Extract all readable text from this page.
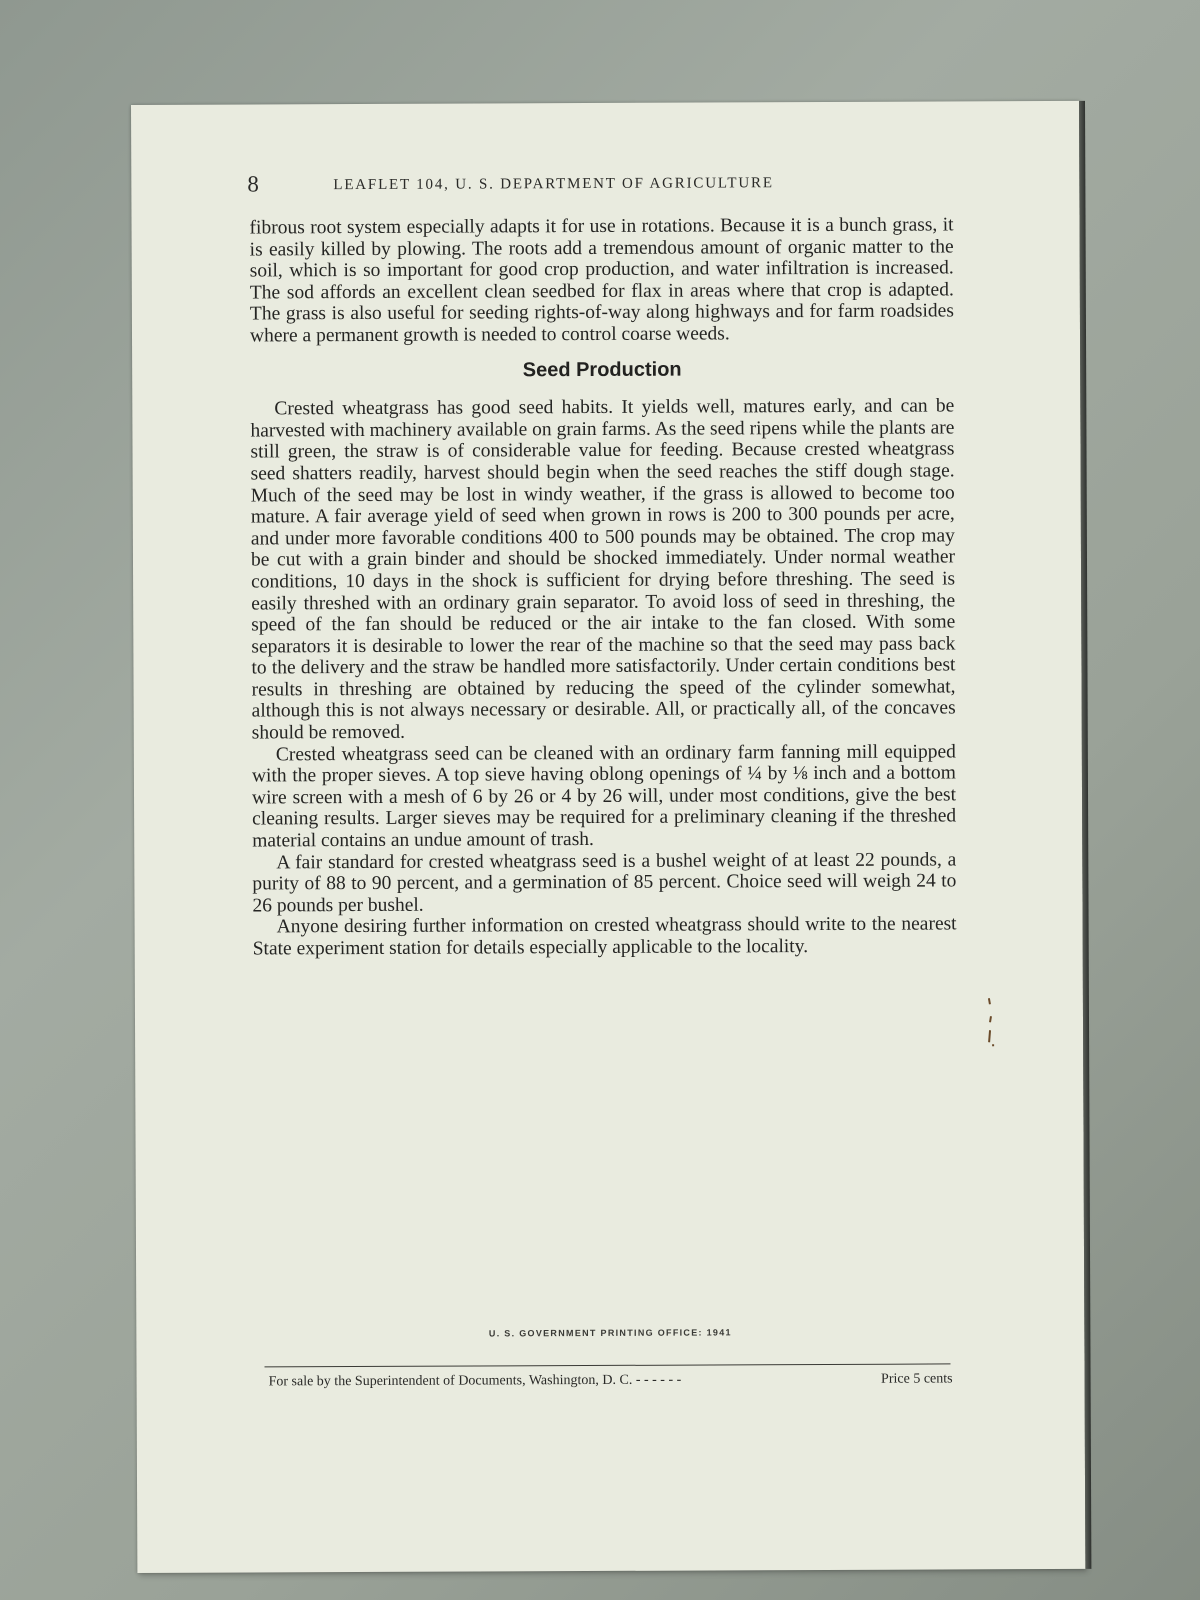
8	LEAFLET 104, U. S. DEPARTMENT OF AGRICULTURE

fibrous root system especially adapts it for use in rotations. Because it is a bunch grass, it is easily killed by plowing. The roots add a tremendous amount of organic matter to the soil, which is so important for good crop production, and water infiltration is increased. The sod affords an excellent clean seedbed for flax in areas where that crop is adapted. The grass is also useful for seeding rights-of-way along highways and for farm roadsides where a permanent growth is needed to control coarse weeds.

Seed Production

Crested wheatgrass has good seed habits. It yields well, matures early, and can be harvested with machinery available on grain farms. As the seed ripens while the plants are still green, the straw is of considerable value for feeding. Because crested wheatgrass seed shatters readily, harvest should begin when the seed reaches the stiff dough stage. Much of the seed may be lost in windy weather, if the grass is allowed to become too mature. A fair average yield of seed when grown in rows is 200 to 300 pounds per acre, and under more favorable conditions 400 to 500 pounds may be obtained. The crop may be cut with a grain binder and should be shocked immediately. Under normal weather conditions, 10 days in the shock is sufficient for drying before threshing. The seed is easily threshed with an ordinary grain separator. To avoid loss of seed in threshing, the speed of the fan should be reduced or the air intake to the fan closed. With some separators it is desirable to lower the rear of the machine so that the seed may pass back to the delivery and the straw be handled more satisfactorily. Under certain conditions best results in threshing are obtained by reducing the speed of the cylinder somewhat, although this is not always necessary or desirable. All, or practically all, of the concaves should be removed.

Crested wheatgrass seed can be cleaned with an ordinary farm fanning mill equipped with the proper sieves. A top sieve having oblong openings of ¼ by ⅛ inch and a bottom wire screen with a mesh of 6 by 26 or 4 by 26 will, under most conditions, give the best cleaning results. Larger sieves may be required for a preliminary cleaning if the threshed material contains an undue amount of trash.

A fair standard for crested wheatgrass seed is a bushel weight of at least 22 pounds, a purity of 88 to 90 percent, and a germination of 85 percent. Choice seed will weigh 24 to 26 pounds per bushel.

Anyone desiring further information on crested wheatgrass should write to the nearest State experiment station for details especially applicable to the locality.

U. S. GOVERNMENT PRINTING OFFICE: 1941
For sale by the Superintendent of Documents, Washington, D. C. - - - - - -	Price 5 cents
